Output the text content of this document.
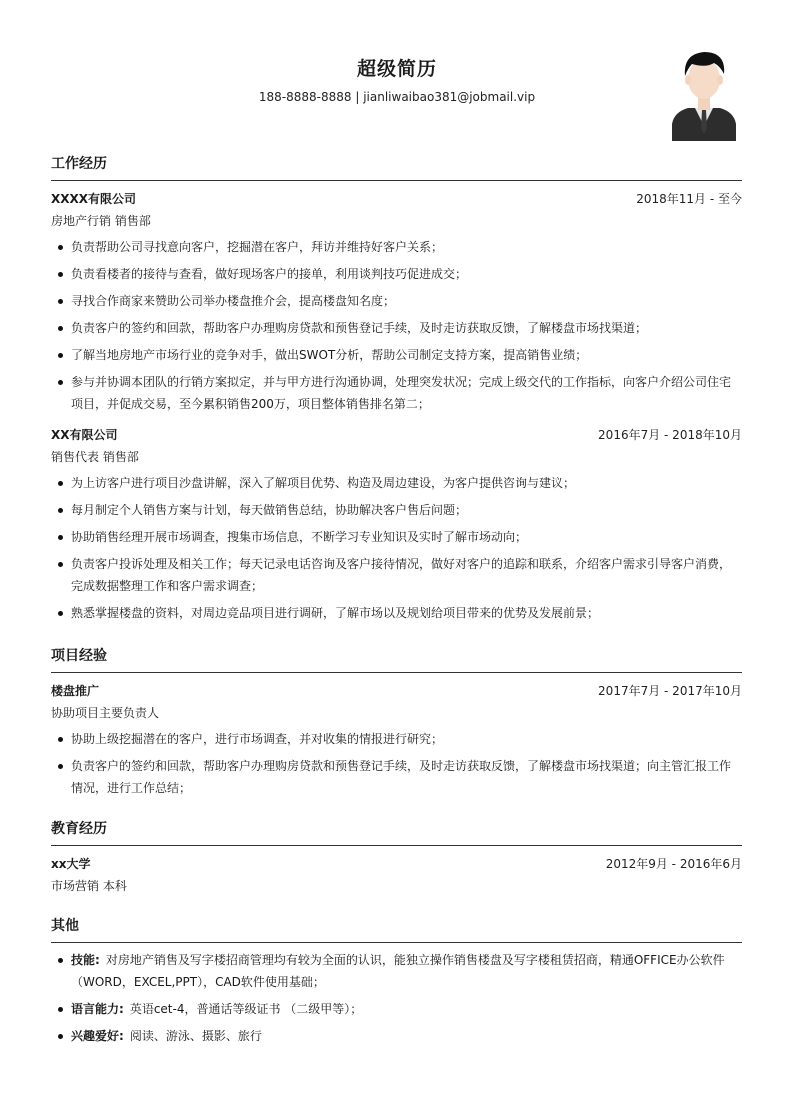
超级简历
188-8888-8888 | jianliwaibao381@jobmail.vip
工作经历
XXXX有限公司	2018年11月 - 至今
房地产行销 销售部
负责帮助公司寻找意向客户，挖掘潜在客户，拜访并维持好客户关系；
负责看楼者的接待与查看，做好现场客户的接单，利用谈判技巧促进成交；
寻找合作商家来赞助公司举办楼盘推介会，提高楼盘知名度；
负责客户的签约和回款，帮助客户办理购房贷款和预售登记手续，及时走访获取反馈，了解楼盘市场找渠道；
了解当地房地产市场行业的竞争对手，做出SWOT分析，帮助公司制定支持方案，提高销售业绩；
参与并协调本团队的行销方案拟定，并与甲方进行沟通协调，处理突发状况；完成上级交代的工作指标，向客户介绍公司住宅项目，并促成交易，至今累积销售200万，项目整体销售排名第二；
XX有限公司	2016年7月 - 2018年10月
销售代表 销售部
为上访客户进行项目沙盘讲解，深入了解项目优势、构造及周边建设，为客户提供咨询与建议；
每月制定个人销售方案与计划，每天做销售总结，协助解决客户售后问题；
协助销售经理开展市场调查，搜集市场信息，不断学习专业知识及实时了解市场动向；
负责客户投诉处理及相关工作；每天记录电话咨询及客户接待情况，做好对客户的追踪和联系，介绍客户需求引导客户消费，完成数据整理工作和客户需求调查；
熟悉掌握楼盘的资料，对周边竞品项目进行调研，了解市场以及规划给项目带来的优势及发展前景；
项目经验
楼盘推广	2017年7月 - 2017年10月
协助项目主要负责人
协助上级挖掘潜在的客户，进行市场调查，并对收集的情报进行研究；
负责客户的签约和回款，帮助客户办理购房贷款和预售登记手续，及时走访获取反馈，了解楼盘市场找渠道；向主管汇报工作情况，进行工作总结；
教育经历
xx大学	2012年9月 - 2016年6月
市场营销 本科
其他
技能: 对房地产销售及写字楼招商管理均有较为全面的认识，能独立操作销售楼盘及写字楼租赁招商，精通OFFICE办公软件（WORD，EXCEL,PPT），CAD软件使用基础；
语言能力: 英语cet-4，普通话等级证书 （二级甲等）；
兴趣爱好: 阅读、游泳、摄影、旅行
